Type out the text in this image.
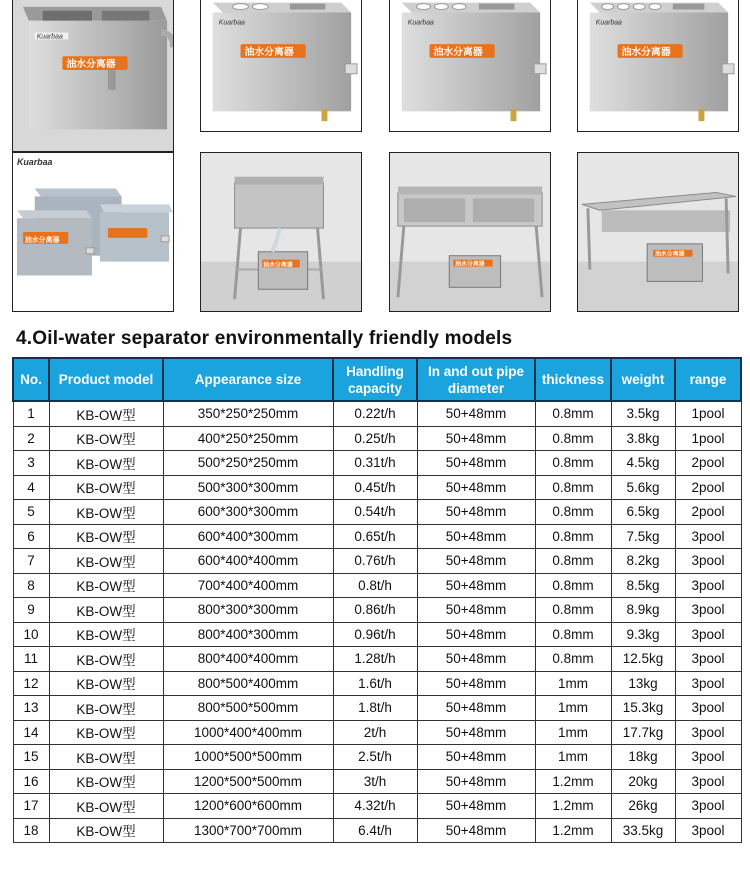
油水分离器
Kuarbaa
油水分离器
Kuarbaa
油水分离器
Kuarbaa
油水分离器
Kuarbaa
Kuarbaa
油水分离器
油水分离器	油水分离器
油水分离器
4.Oil-water separator environmentally friendly models
No.	Product model	Appearance size	Handling capacity	In and out pipe diameter	thickness	weight	range
1	KB-OW型	350*250*250mm	0.22t/h	50+48mm	0.8mm	3.5kg	1pool
2	KB-OW型	400*250*250mm	0.25t/h	50+48mm	0.8mm	3.8kg	1pool
3	KB-OW型	500*250*250mm	0.31t/h	50+48mm	0.8mm	4.5kg	2pool
4	KB-OW型	500*300*300mm	0.45t/h	50+48mm	0.8mm	5.6kg	2pool
5	KB-OW型	600*300*300mm	0.54t/h	50+48mm	0.8mm	6.5kg	2pool
6	KB-OW型	600*400*300mm	0.65t/h	50+48mm	0.8mm	7.5kg	3pool
7	KB-OW型	600*400*400mm	0.76t/h	50+48mm	0.8mm	8.2kg	3pool
8	KB-OW型	700*400*400mm	0.8t/h	50+48mm	0.8mm	8.5kg	3pool
9	KB-OW型	800*300*300mm	0.86t/h	50+48mm	0.8mm	8.9kg	3pool
10	KB-OW型	800*400*300mm	0.96t/h	50+48mm	0.8mm	9.3kg	3pool
11	KB-OW型	800*400*400mm	1.28t/h	50+48mm	0.8mm	12.5kg	3pool
12	KB-OW型	800*500*400mm	1.6t/h	50+48mm	1mm	13kg	3pool
13	KB-OW型	800*500*500mm	1.8t/h	50+48mm	1mm	15.3kg	3pool
14	KB-OW型	1000*400*400mm	2t/h	50+48mm	1mm	17.7kg	3pool
15	KB-OW型	1000*500*500mm	2.5t/h	50+48mm	1mm	18kg	3pool
16	KB-OW型	1200*500*500mm	3t/h	50+48mm	1.2mm	20kg	3pool
17	KB-OW型	1200*600*600mm	4.32t/h	50+48mm	1.2mm	26kg	3pool
18	KB-OW型	1300*700*700mm	6.4t/h	50+48mm	1.2mm	33.5kg	3pool
